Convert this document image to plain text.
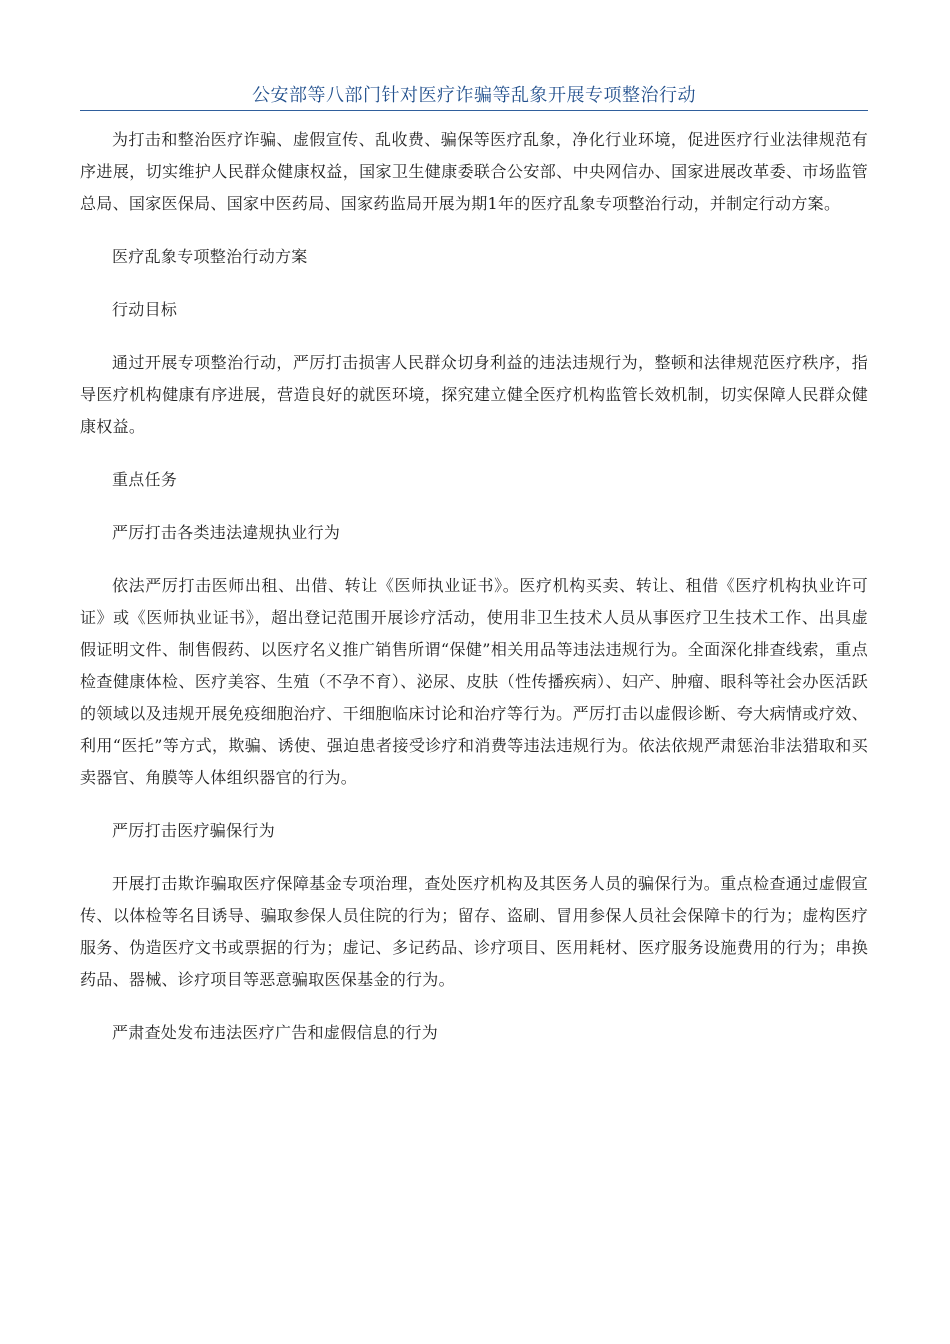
公安部等八部门针对医疗诈骗等乱象开展专项整治行动

为打击和整治医疗诈骗、虚假宣传、乱收费、骗保等医疗乱象，净化行业环境，促进医疗行业法律规范有序进展，切实维护人民群众健康权益，国家卫生健康委联合公安部、中央网信办、国家进展改革委、市场监管总局、国家医保局、国家中医药局、国家药监局开展为期1年的医疗乱象专项整治行动，并制定行动方案。

医疗乱象专项整治行动方案

行动目标

通过开展专项整治行动，严厉打击损害人民群众切身利益的违法违规行为，整顿和法律规范医疗秩序，指导医疗机构健康有序进展，营造良好的就医环境，探究建立健全医疗机构监管长效机制，切实保障人民群众健康权益。

重点任务

严厉打击各类违法違规执业行为

依法严厉打击医师出租、出借、转让《医师执业证书》。医疗机构买卖、转让、租借《医疗机构执业许可证》或《医师执业证书》，超出登记范围开展诊疗活动，使用非卫生技术人员从事医疗卫生技术工作、出具虚假证明文件、制售假药、以医疗名义推广销售所谓“保健”相关用品等违法违规行为。全面深化排查线索，重点检查健康体检、医疗美容、生殖（不孕不育）、泌尿、皮肤（性传播疾病）、妇产、肿瘤、眼科等社会办医活跃的领域以及违规开展免疫细胞治疗、干细胞临床讨论和治疗等行为。严厉打击以虚假诊断、夸大病情或疗效、利用“医托”等方式，欺骗、诱使、强迫患者接受诊疗和消费等违法违规行为。依法依规严肃惩治非法猎取和买卖器官、角膜等人体组织器官的行为。

严厉打击医疗骗保行为

开展打击欺诈骗取医疗保障基金专项治理，查处医疗机构及其医务人员的骗保行为。重点检查通过虚假宣传、以体检等名目诱导、骗取参保人员住院的行为；留存、盗刷、冒用参保人员社会保障卡的行为；虚构医疗服务、伪造医疗文书或票据的行为；虚记、多记药品、诊疗项目、医用耗材、医疗服务设施费用的行为；串换药品、器械、诊疗项目等恶意骗取医保基金的行为。

严肃查处发布违法医疗广告和虚假信息的行为
